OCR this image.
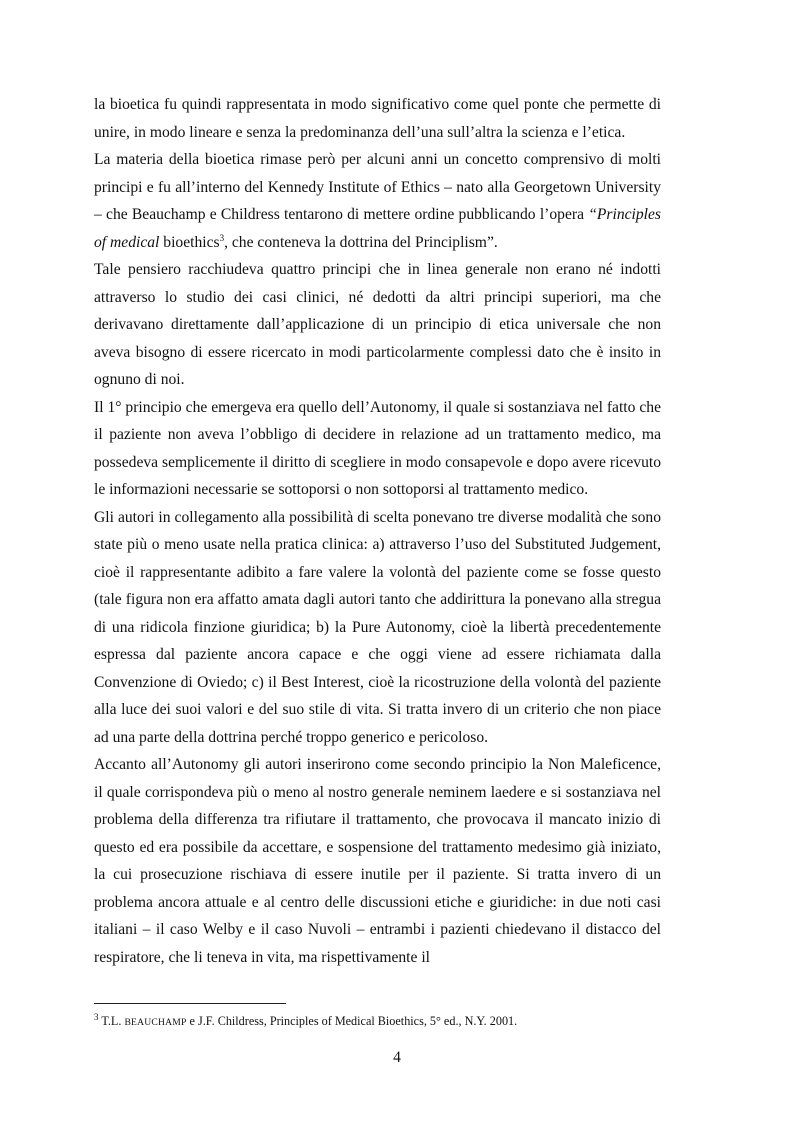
la bioetica fu quindi rappresentata in modo significativo come quel ponte che permette di unire, in modo lineare e senza la predominanza dell’una sull’altra la scienza e l’etica.

La materia della bioetica rimase però per alcuni anni un concetto comprensivo di molti principi e fu all’interno del Kennedy Institute of Ethics – nato alla Georgetown University – che Beauchamp e Childress tentarono di mettere ordine pubblicando l’opera “Principles of medical bioethics$^3$, che conteneva la dottrina del Principlism”.

Tale pensiero racchiudeva quattro principi che in linea generale non erano né indotti attraverso lo studio dei casi clinici, né dedotti da altri principi superiori, ma che derivavano direttamente dall’applicazione di un principio di etica universale che non aveva bisogno di essere ricercato in modi particolarmente complessi dato che è insito in ognuno di noi.

Il 1° principio che emergeva era quello dell’Autonomy, il quale si sostanziava nel fatto che il paziente non aveva l’obbligo di decidere in relazione ad un trattamento medico, ma possedeva semplicemente il diritto di scegliere in modo consapevole e dopo avere ricevuto le informazioni necessarie se sottoporsi o non sottoporsi al trattamento medico.

Gli autori in collegamento alla possibilità di scelta ponevano tre diverse modalità che sono state più o meno usate nella pratica clinica: a) attraverso l’uso del Substituted Judgement, cioè il rappresentante adibito a fare valere la volontà del paziente come se fosse questo (tale figura non era affatto amata dagli autori tanto che addirittura la ponevano alla stregua di una ridicola finzione giuridica; b) la Pure Autonomy, cioè la libertà precedentemente espressa dal paziente ancora capace e che oggi viene ad essere richiamata dalla Convenzione di Oviedo; c) il Best Interest, cioè la ricostruzione della volontà del paziente alla luce dei suoi valori e del suo stile di vita. Si tratta invero di un criterio che non piace ad una parte della dottrina perché troppo generico e pericoloso.

Accanto all’Autonomy gli autori inserirono come secondo principio la Non Maleficence, il quale corrispondeva più o meno al nostro generale neminem laedere e si sostanziava nel problema della differenza tra rifiutare il trattamento, che provocava il mancato inizio di questo ed era possibile da accettare, e sospensione del trattamento medesimo già iniziato, la cui prosecuzione rischiava di essere inutile per il paziente. Si tratta invero di un problema ancora attuale e al centro delle discussioni etiche e giuridiche: in due noti casi italiani – il caso Welby e il caso Nuvoli – entrambi i pazienti chiedevano il distacco del respiratore, che li teneva in vita, ma rispettivamente il

$^3$ T.L. BEAUCHAMP e J.F. Childress, Principles of Medical Bioethics, 5° ed., N.Y. 2001.
4
